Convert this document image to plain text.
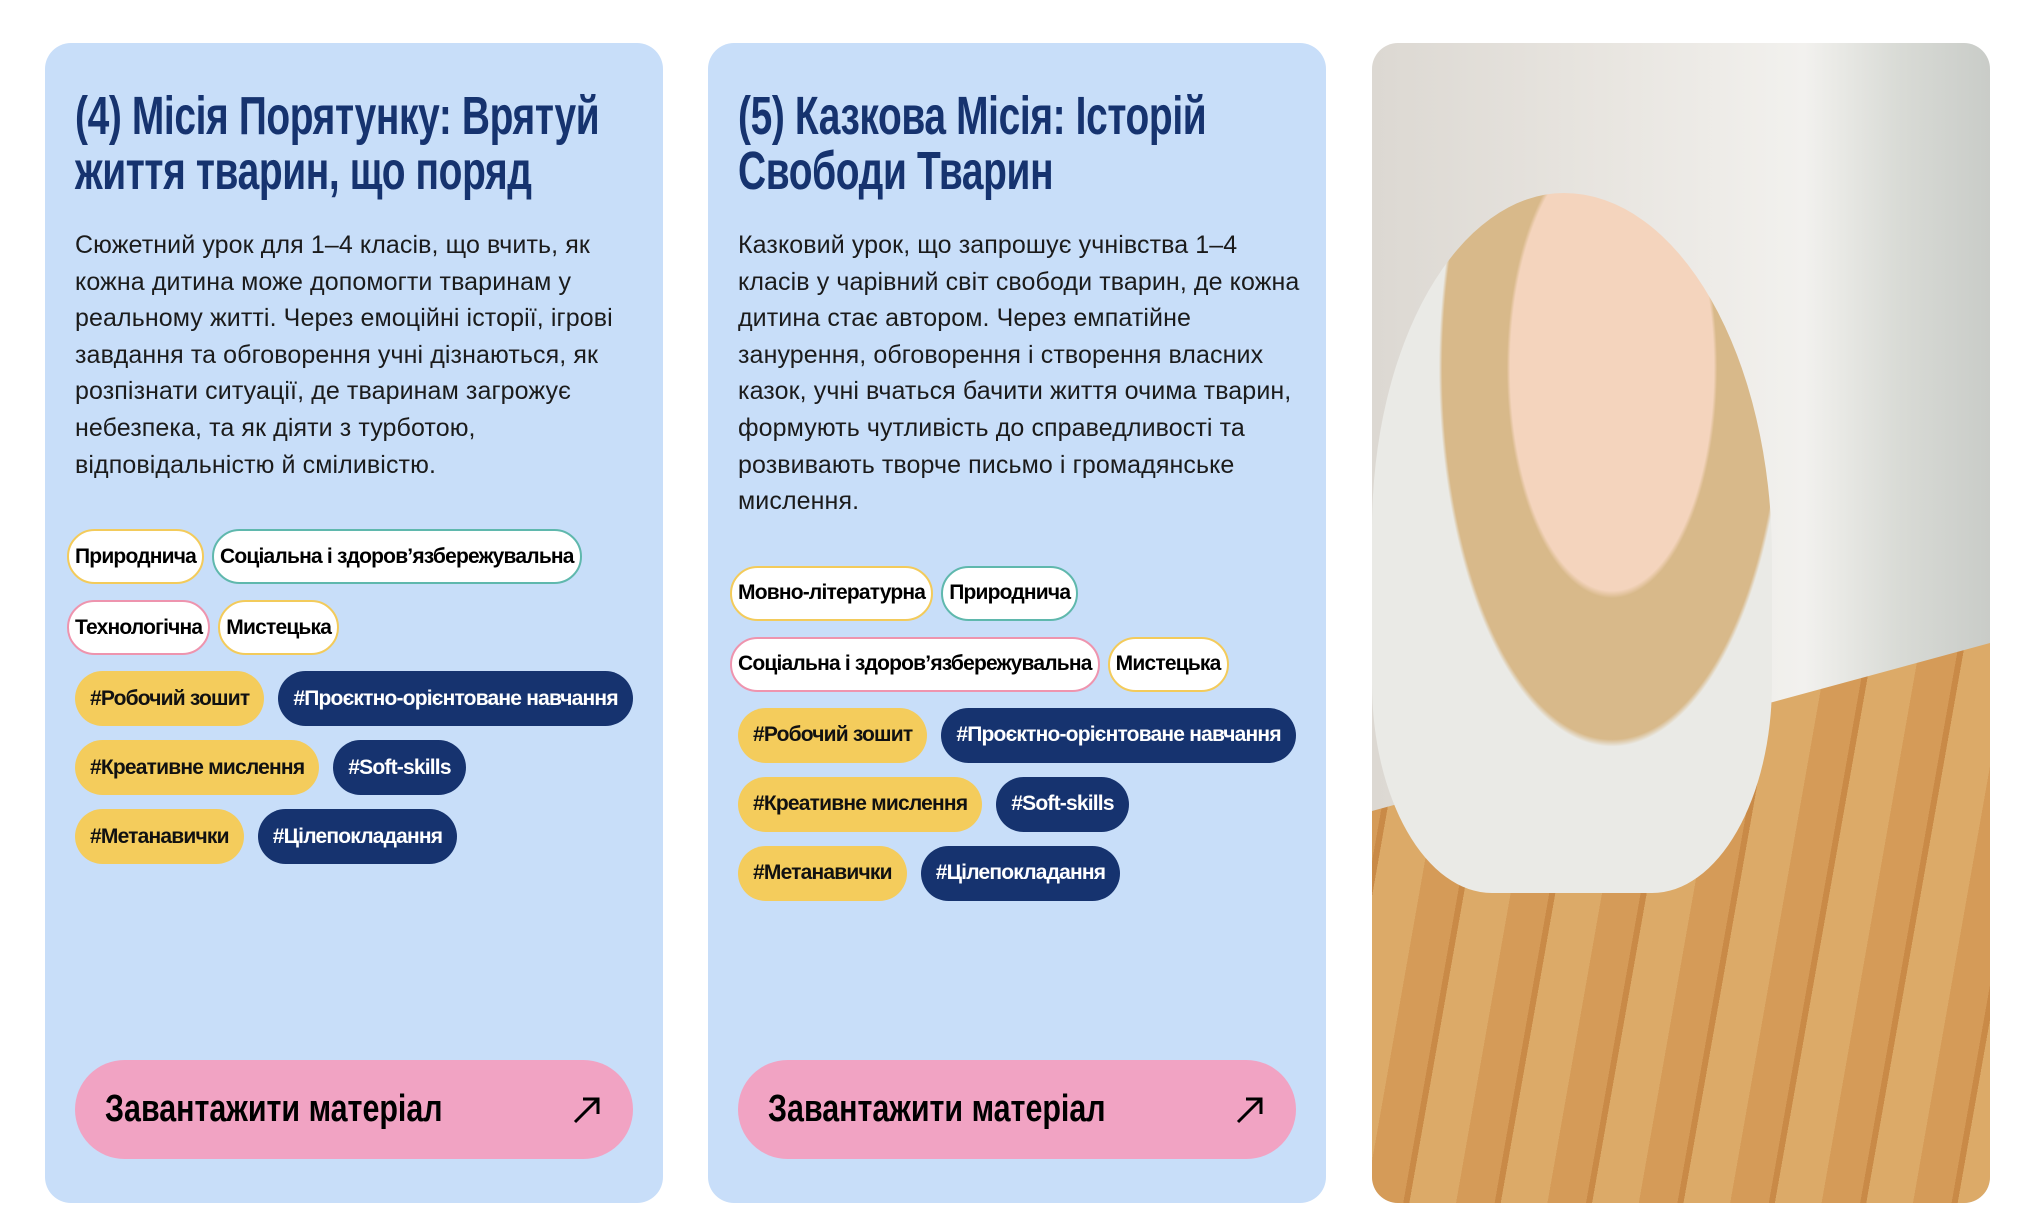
(4) Місія Порятунку: Врятуй
життя тварин, що поряд
Сюжетний урок для 1–4 класів, що вчить, як кожна дитина може допомогти тваринам у реальному житті. Через емоційні історії, ігрові завдання та обговорення учні дізнаються, як розпізнати ситуації, де тваринам загрожує небезпека, та як діяти з турботою, відповідальністю й сміливістю.
Природнича	Соціальна і здоров’язбережувальна
Технологічна	Мистецька
#Робочий зошит	#Проєктно-орієнтоване навчання
#Креативне мислення	#Soft-skills
#Метанавички	#Цілепокладання
Завантажити матеріал
(5) Казкова Місія: Історій
Свободи Тварин
Казковий урок, що запрошує учнівства 1–4 класів у чарівний світ свободи тварин, де кожна дитина стає автором. Через емпатійне занурення, обговорення і створення власних казок, учні вчаться бачити життя очима тварин, формують чутливість до справедливості та розвивають творче письмо і громадянське мислення.
Мовно-літературна	Природнича
Соціальна і здоров’язбережувальна	Мистецька
#Робочий зошит	#Проєктно-орієнтоване навчання
#Креативне мислення	#Soft-skills
#Метанавички	#Цілепокладання
Завантажити матеріал
